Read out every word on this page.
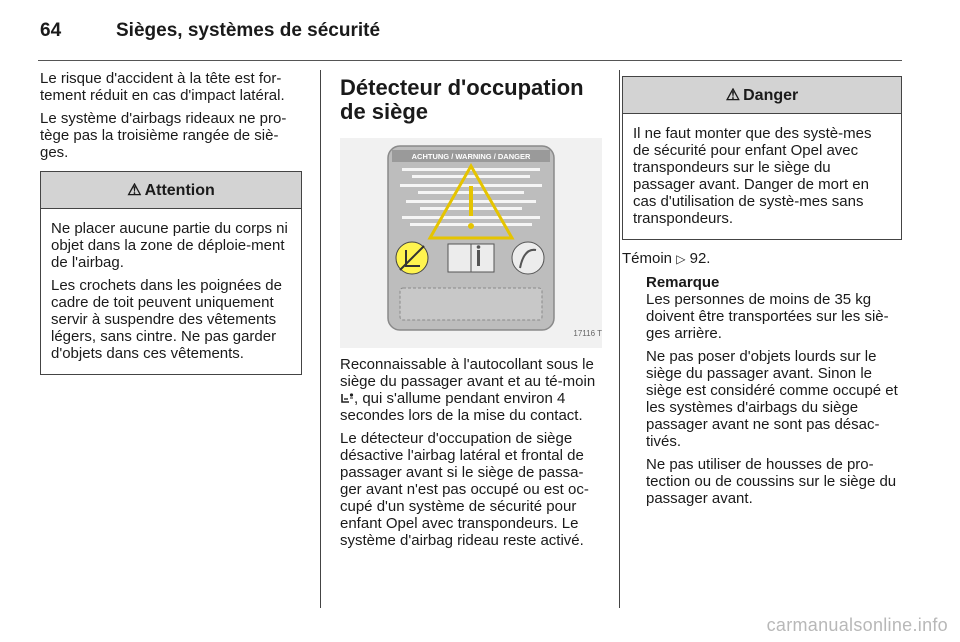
64	Sièges, systèmes de sécurité

Le risque d'accident à la tête est for-tement réduit en cas d'impact latéral.

Le système d'airbags rideaux ne pro-tège pas la troisième rangée de siè-ges.

⚠ Attention

Ne placer aucune partie du corps ni objet dans la zone de déploie-ment de l'airbag.

Les crochets dans les poignées de cadre de toit peuvent uniquement servir à suspendre des vêtements légers, sans cintre. Ne pas garder d'objets dans ces vêtements.

Détecteur d'occupation de siège
ACHTUNG / WARNING / DANGER
17116 T

Reconnaissable à l'autocollant sous le siège du passager avant et au té-moin , qui s'allume pendant environ 4 secondes lors de la mise du contact.

Le détecteur d'occupation de siège désactive l'airbag latéral et frontal de passager avant si le siège de passa-ger avant n'est pas occupé ou est oc-cupé d'un système de sécurité pour enfant Opel avec transpondeurs. Le système d'airbag rideau reste activé.

⚠ Danger

Il ne faut monter que des systè-mes de sécurité pour enfant Opel avec transpondeurs sur le siège du passager avant. Danger de mort en cas d'utilisation de systè-mes sans transpondeurs.

Témoin ▷ 92.

Remarque

Les personnes de moins de 35 kg doivent être transportées sur les siè-ges arrière.

Ne pas poser d'objets lourds sur le siège du passager avant. Sinon le siège est considéré comme occupé et les systèmes d'airbags du siège passager avant ne sont pas désac-tivés.

Ne pas utiliser de housses de pro-tection ou de coussins sur le siège du passager avant.

carmanualsonline.info
